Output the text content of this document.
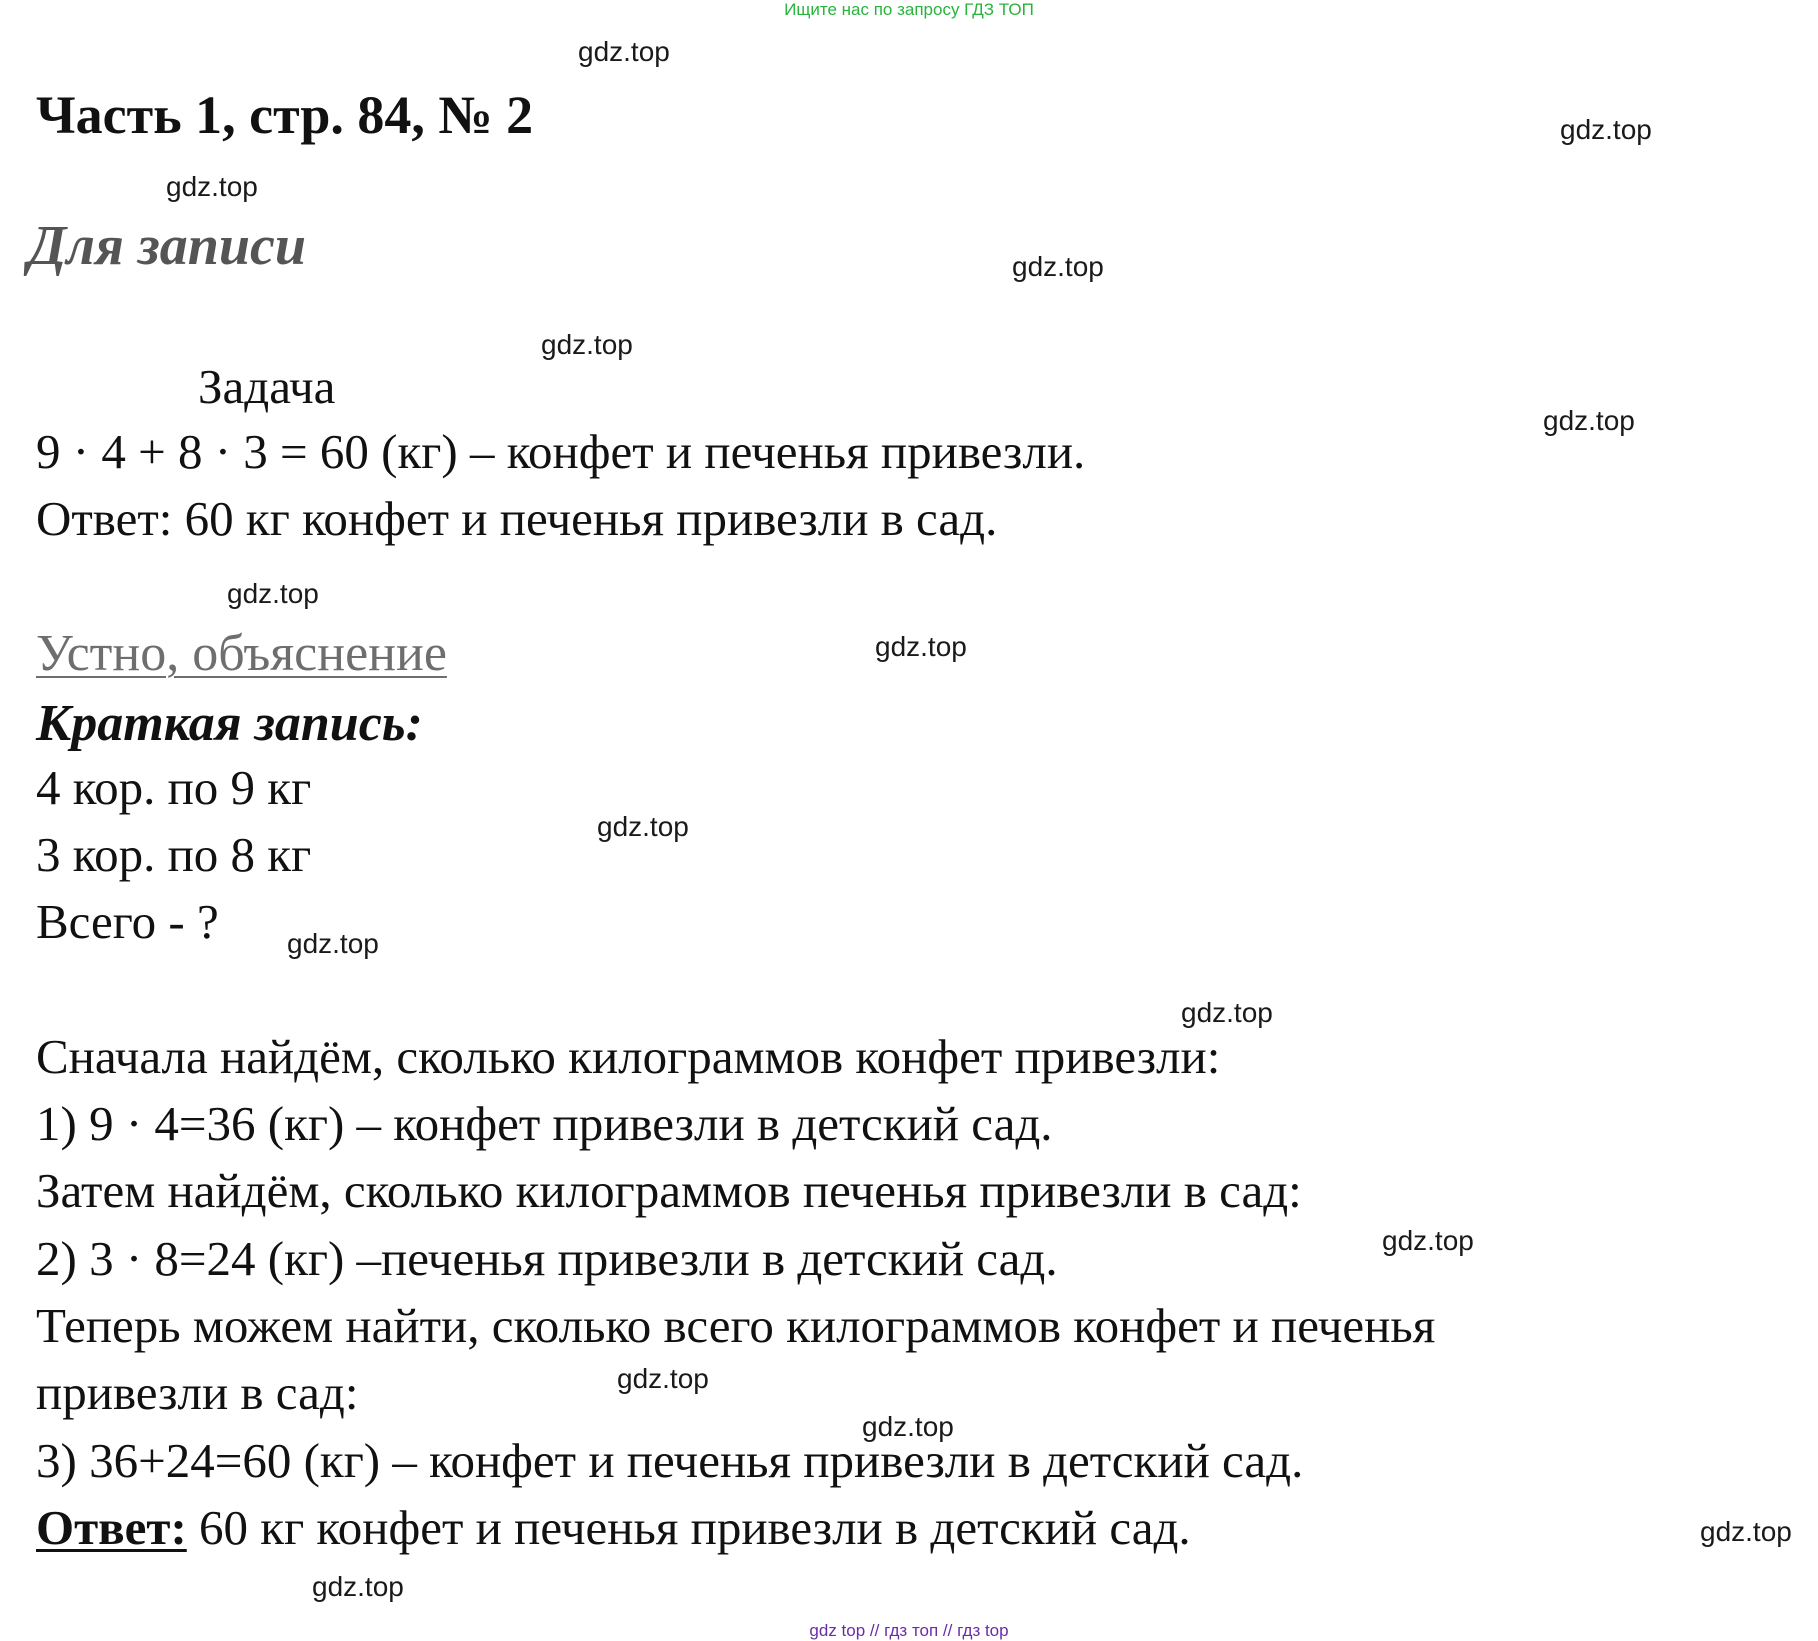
Ищите нас по запросу ГДЗ ТОП
gdz top // гдз топ // гдз top
gdz.top
gdz.top
gdz.top
gdz.top
gdz.top
gdz.top
gdz.top
gdz.top
gdz.top
gdz.top
gdz.top
gdz.top
gdz.top
gdz.top
gdz.top
gdz.top
Часть 1, стр. 84, № 2
Для записи
Задача
9 · 4 + 8 · 3 = 60 (кг) – конфет и печенья привезли.
Ответ: 60 кг конфет и печенья привезли в сад.
Устно, объяснение
Краткая запись:
4 кор. по 9 кг
3 кор. по 8 кг
Всего - ?
Сначала найдём, сколько килограммов конфет привезли:
1) 9 · 4=36 (кг) – конфет привезли в детский сад.
Затем найдём, сколько килограммов печенья привезли в сад:
2) 3 · 8=24 (кг) –печенья привезли в детский сад.
Теперь можем найти, сколько всего килограммов конфет и печенья
привезли в сад:
3) 36+24=60 (кг) – конфет и печенья привезли в детский сад.
Ответ: 60 кг конфет и печенья привезли в детский сад.
